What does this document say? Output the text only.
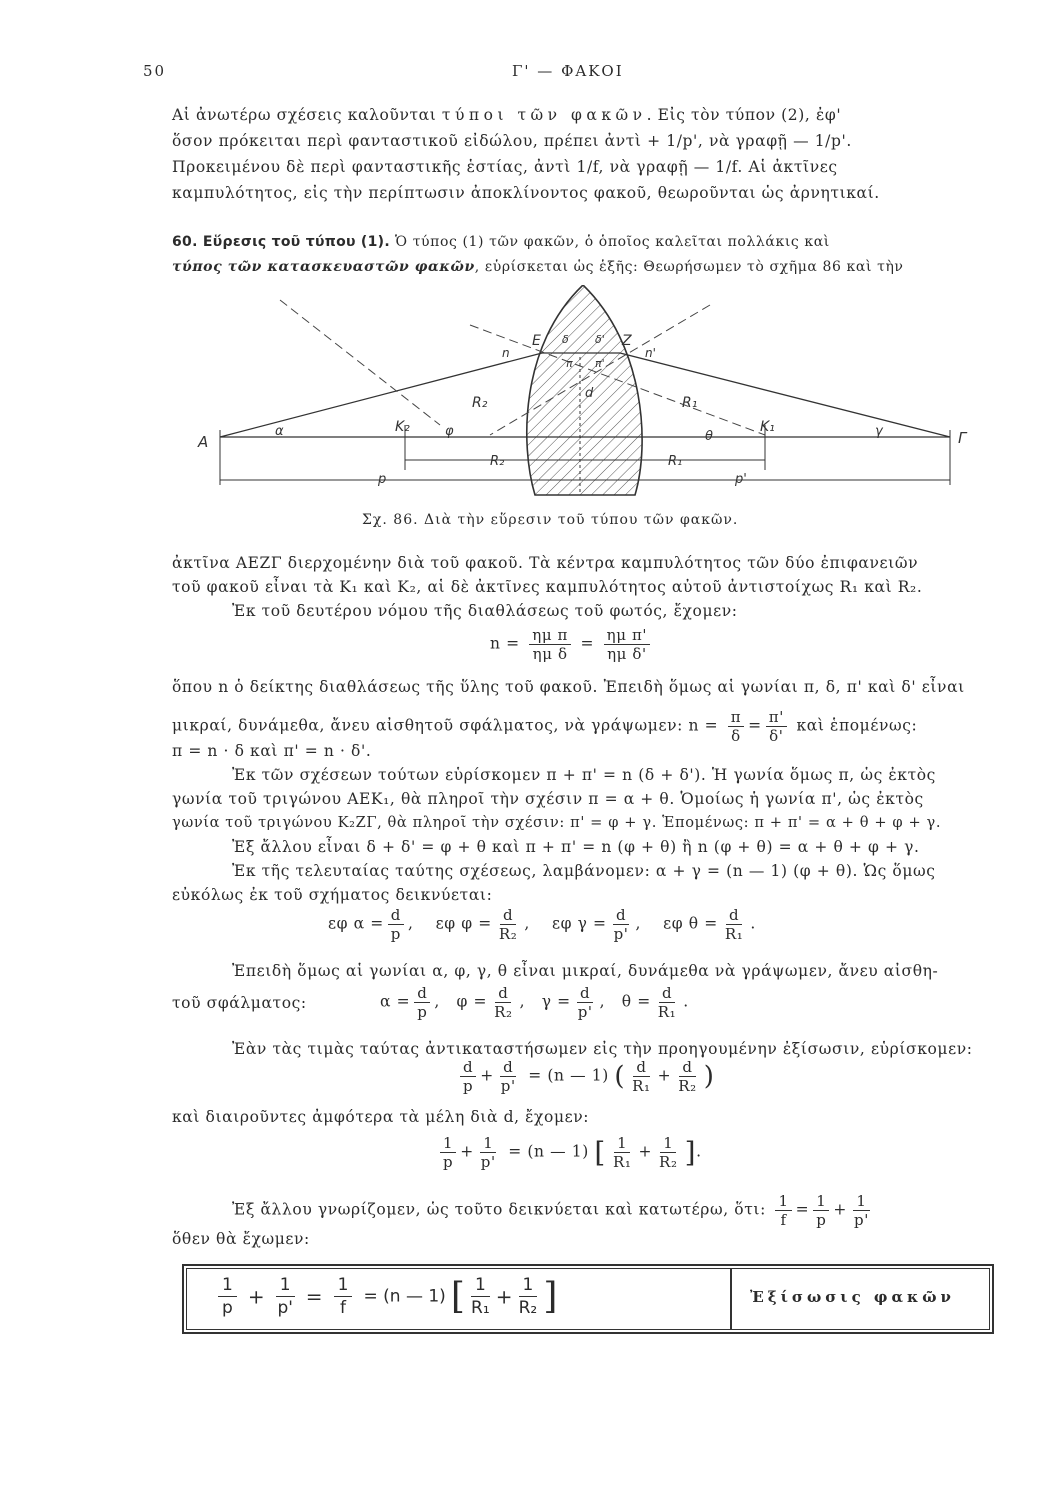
50	Γ' — ΦΑΚΟΙ
Αἱ ἀνωτέρω σχέσεις καλοῦνται τύποι τῶν φακῶν. Εἰς τὸν τύπον (2), ἐφ'
ὅσον πρόκειται περὶ φανταστικοῦ εἰδώλου, πρέπει ἀντὶ + 1/p', νὰ γραφῇ — 1/p'.
Προκειμένου δὲ περὶ φανταστικῆς ἑστίας, ἀντὶ 1/f, νὰ γραφῇ — 1/f. Αἱ ἀκτῖνες
καμπυλότητος, εἰς τὴν περίπτωσιν ἀποκλίνοντος φακοῦ, θεωροῦνται ὡς ἀρνητικαί.
60. Εὕρεσις τοῦ τύπου (1). Ὁ τύπος (1) τῶν φακῶν, ὁ ὁποῖος καλεῖται πολλάκις καὶ
τύπος τῶν κατασκευαστῶν φακῶν, εὑρίσκεται ὡς ἑξῆς: Θεωρήσωμεν τὸ σχῆμα 86 καὶ τὴν
A	Γ
E	Z
n	n'
δ δ'
π π'
d
K₂	K₁
R₂	R₁
R₂	R₁
α	φ	θ	γ
p	p'
Σχ. 86. Διὰ τὴν εὕρεσιν τοῦ τύπου τῶν φακῶν.
ἀκτῖνα ΑΕΖΓ διερχομένην διὰ τοῦ φακοῦ. Τὰ κέντρα καμπυλότητος τῶν δύο ἐπιφανειῶν
τοῦ φακοῦ εἶναι τὰ K₁ καὶ K₂, αἱ δὲ ἀκτῖνες καμπυλότητος αὐτοῦ ἀντιστοίχως R₁ καὶ R₂.
Ἐκ τοῦ δευτέρου νόμου τῆς διαθλάσεως τοῦ φωτός, ἔχομεν:
$n = \frac{\text{ημ π}}{\text{ημ δ}} = \frac{\text{ημ π'}}{\text{ημ δ'}}$
ὅπου n ὁ δείκτης διαθλάσεως τῆς ὕλης τοῦ φακοῦ. Ἐπειδὴ ὅμως αἱ γωνίαι π, δ, π' καὶ δ' εἶναι
μικραί, δυνάμεθα, ἄνευ αἰσθητοῦ σφάλματος, νὰ γράψωμεν: $n = \frac{\pi}{\delta} = \frac{\pi'}{\delta'}$ καὶ ἑπομένως:
π = n · δ καὶ π' = n · δ'.
Ἐκ τῶν σχέσεων τούτων εὑρίσκομεν π + π' = n (δ + δ'). Ἡ γωνία ὅμως π, ὡς ἐκτὸς
γωνία τοῦ τριγώνου ΑΕK₁, θὰ πληροῖ τὴν σχέσιν π = α + θ. Ὁμοίως ἡ γωνία π', ὡς ἐκτὸς
γωνία τοῦ τριγώνου K₂ΖΓ, θὰ πληροῖ τὴν σχέσιν: π' = φ + γ. Ἑπομένως: π + π' = α + θ + φ + γ.
Ἐξ ἄλλου εἶναι δ + δ' = φ + θ καὶ π + π' = n (φ + θ) ἢ n (φ + θ) = α + θ + φ + γ.
Ἐκ τῆς τελευταίας ταύτης σχέσεως, λαμβάνομεν: α + γ = (n — 1) (φ + θ). Ὡς ὅμως
εὐκόλως ἐκ τοῦ σχήματος δεικνύεται:
εφ $\alpha = \frac{d}{p}$ ,    εφ $\varphi = \frac{d}{\text{R₂}}$ ,    εφ $\gamma = \frac{d}{p'}$ ,    εφ $\theta = \frac{d}{\text{R₁}}$ .
Ἐπειδὴ ὅμως αἱ γωνίαι α, φ, γ, θ εἶναι μικραί, δυνάμεθα νὰ γράψωμεν, ἄνευ αἰσθη-
τοῦ σφάλματος:	$\alpha = \frac{d}{p}$ ,   $\varphi = \frac{d}{\text{R₂}}$ ,   $\gamma = \frac{d}{p'}$ ,   $\theta = \frac{d}{\text{R₁}}$ .
Ἐὰν τὰς τιμὰς ταύτας ἀντικαταστήσωμεν εἰς τὴν προηγουμένην ἐξίσωσιν, εὑρίσκομεν:
$\frac{d}{p} + \frac{d}{p'} = (n$ — 1) ( $\frac{d}{\text{R₁}} + \frac{d}{\text{R₂}}$ )
καὶ διαιροῦντες ἀμφότερα τὰ μέλη διὰ d, ἔχομεν:
$\frac{1}{p} + \frac{1}{p'} = (n$ — 1) [ $\frac{1}{\text{R₁}} + \frac{1}{\text{R₂}}$ ].
Ἐξ ἄλλου γνωρίζομεν, ὡς τοῦτο δεικνύεται καὶ κατωτέρω, ὅτι: $\frac{1}{f} = \frac{1}{p} + \frac{1}{p'}$
ὅθεν θὰ ἔχωμεν:
$\frac{1}{p} + \frac{1}{p'} = \frac{1}{f} = (n$ — 1) [ $\frac{1}{\text{R₁}} + \frac{1}{\text{R₂}}$ ]	Ἐξίσωσις φακῶν
